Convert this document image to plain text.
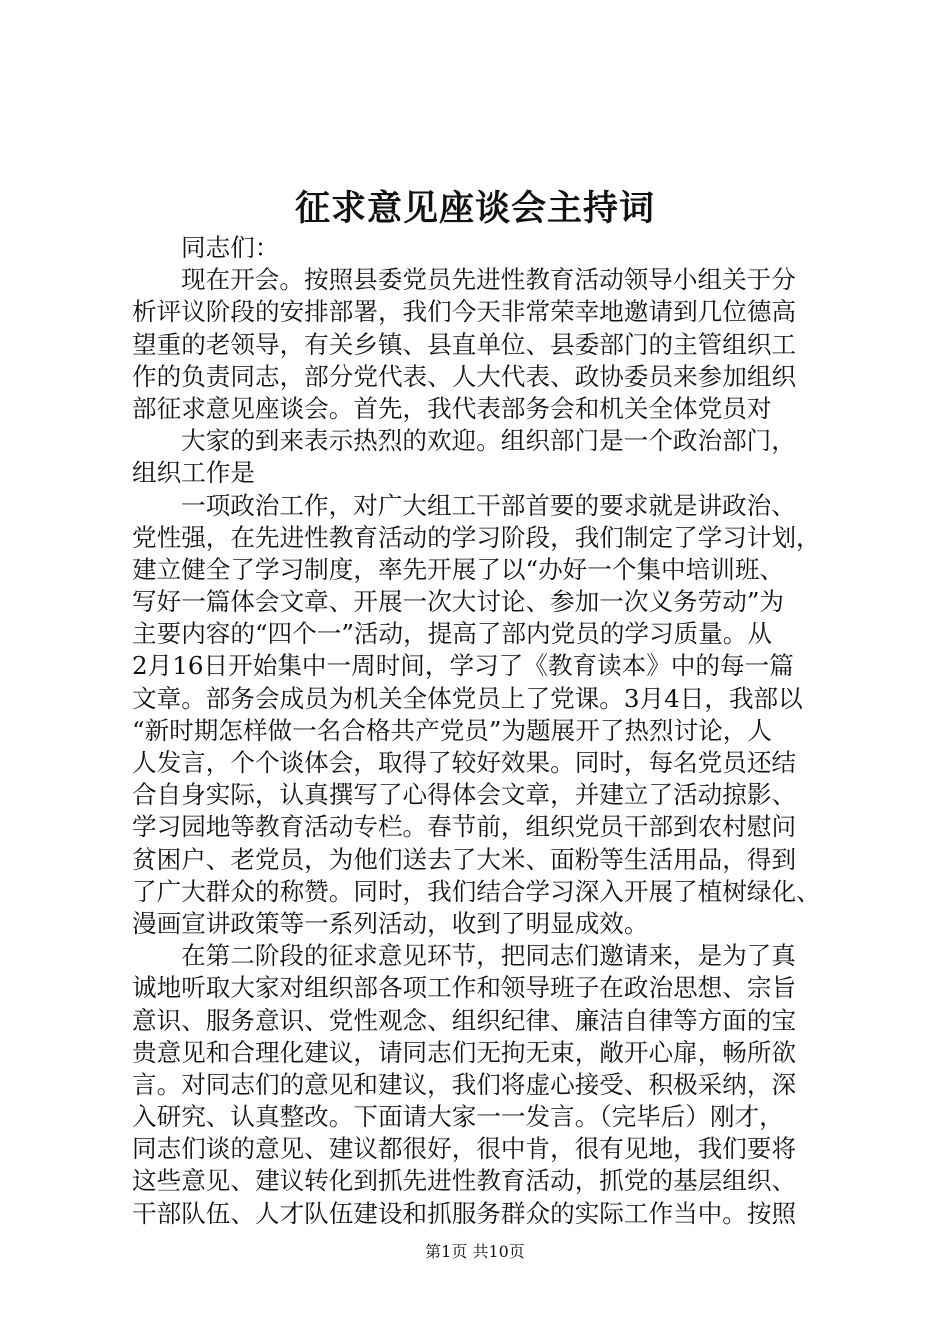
征求意见座谈会主持词
同志们：
现在开会。按照县委党员先进性教育活动领导小组关于分
析评议阶段的安排部署，我们今天非常荣幸地邀请到几位德高
望重的老领导，有关乡镇、县直单位、县委部门的主管组织工
作的负责同志，部分党代表、人大代表、政协委员来参加组织
部征求意见座谈会。首先，我代表部务会和机关全体党员对
大家的到来表示热烈的欢迎。组织部门是一个政治部门，
组织工作是
一项政治工作，对广大组工干部首要的要求就是讲政治、
党性强，在先进性教育活动的学习阶段，我们制定了学习计划，
建立健全了学习制度，率先开展了以“办好一个集中培训班、
写好一篇体会文章、开展一次大讨论、参加一次义务劳动”为
主要内容的“四个一”活动，提高了部内党员的学习质量。从
2月16日开始集中一周时间，学习了《教育读本》中的每一篇
文章。部务会成员为机关全体党员上了党课。3月4日，我部以
“新时期怎样做一名合格共产党员”为题展开了热烈讨论，人
人发言，个个谈体会，取得了较好效果。同时，每名党员还结
合自身实际，认真撰写了心得体会文章，并建立了活动掠影、
学习园地等教育活动专栏。春节前，组织党员干部到农村慰问
贫困户、老党员，为他们送去了大米、面粉等生活用品，得到
了广大群众的称赞。同时，我们结合学习深入开展了植树绿化、
漫画宣讲政策等一系列活动，收到了明显成效。
在第二阶段的征求意见环节，把同志们邀请来，是为了真
诚地听取大家对组织部各项工作和领导班子在政治思想、宗旨
意识、服务意识、党性观念、组织纪律、廉洁自律等方面的宝
贵意见和合理化建议，请同志们无拘无束，敞开心扉，畅所欲
言。对同志们的意见和建议，我们将虚心接受、积极采纳，深
入研究、认真整改。下面请大家一一发言。（完毕后）刚才，
同志们谈的意见、建议都很好，很中肯，很有见地，我们要将
这些意见、建议转化到抓先进性教育活动，抓党的基层组织、
干部队伍、人才队伍建设和抓服务群众的实际工作当中。按照
第1页 共10页
